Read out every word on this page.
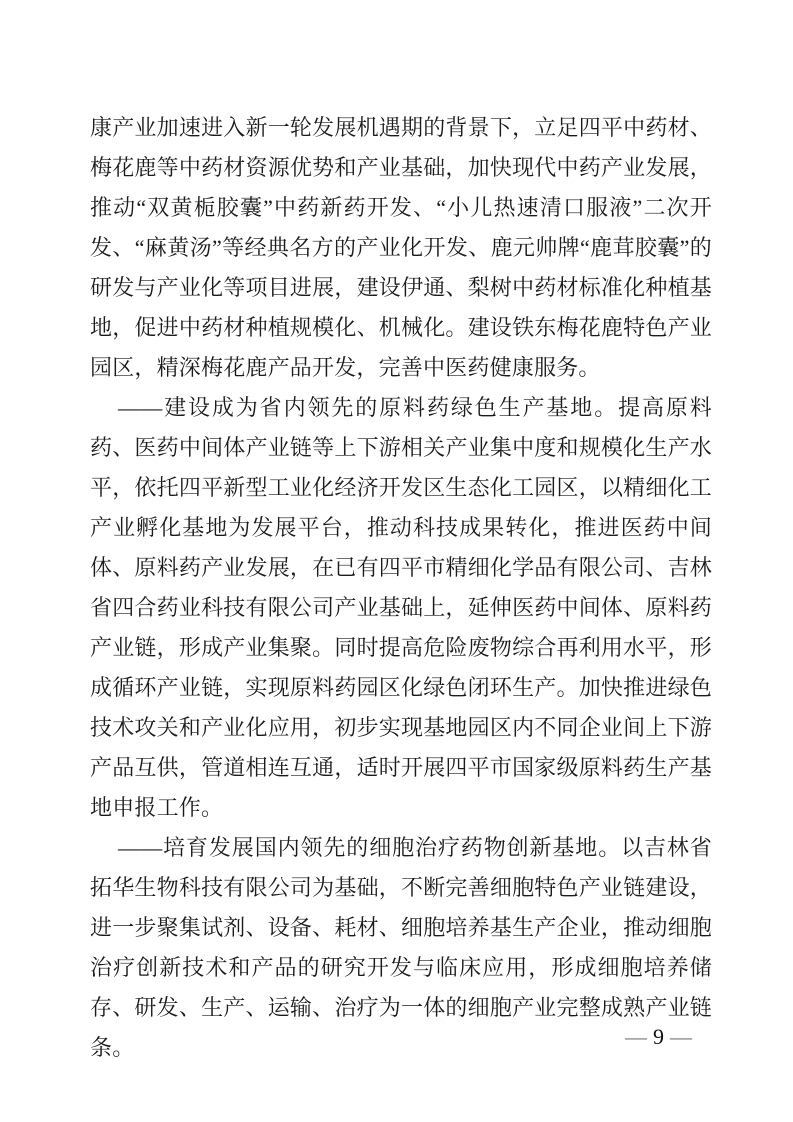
康产业加速进入新一轮发展机遇期的背景下，立足四平中药材、梅花鹿等中药材资源优势和产业基础，加快现代中药产业发展，推动“双黄栀胶囊”中药新药开发、“小儿热速清口服液”二次开发、“麻黄汤”等经典名方的产业化开发、鹿元帅牌“鹿茸胶囊”的研发与产业化等项目进展，建设伊通、梨树中药材标准化种植基地，促进中药材种植规模化、机械化。建设铁东梅花鹿特色产业园区，精深梅花鹿产品开发，完善中医药健康服务。

——建设成为省内领先的原料药绿色生产基地。提高原料药、医药中间体产业链等上下游相关产业集中度和规模化生产水平，依托四平新型工业化经济开发区生态化工园区，以精细化工产业孵化基地为发展平台，推动科技成果转化，推进医药中间体、原料药产业发展，在已有四平市精细化学品有限公司、吉林省四合药业科技有限公司产业基础上，延伸医药中间体、原料药产业链，形成产业集聚。同时提高危险废物综合再利用水平，形成循环产业链，实现原料药园区化绿色闭环生产。加快推进绿色技术攻关和产业化应用，初步实现基地园区内不同企业间上下游产品互供，管道相连互通，适时开展四平市国家级原料药生产基地申报工作。

——培育发展国内领先的细胞治疗药物创新基地。以吉林省拓华生物科技有限公司为基础，不断完善细胞特色产业链建设，进一步聚集试剂、设备、耗材、细胞培养基生产企业，推动细胞治疗创新技术和产品的研究开发与临床应用，形成细胞培养储存、研发、生产、运输、治疗为一体的细胞产业完整成熟产业链条。	— 9 —
